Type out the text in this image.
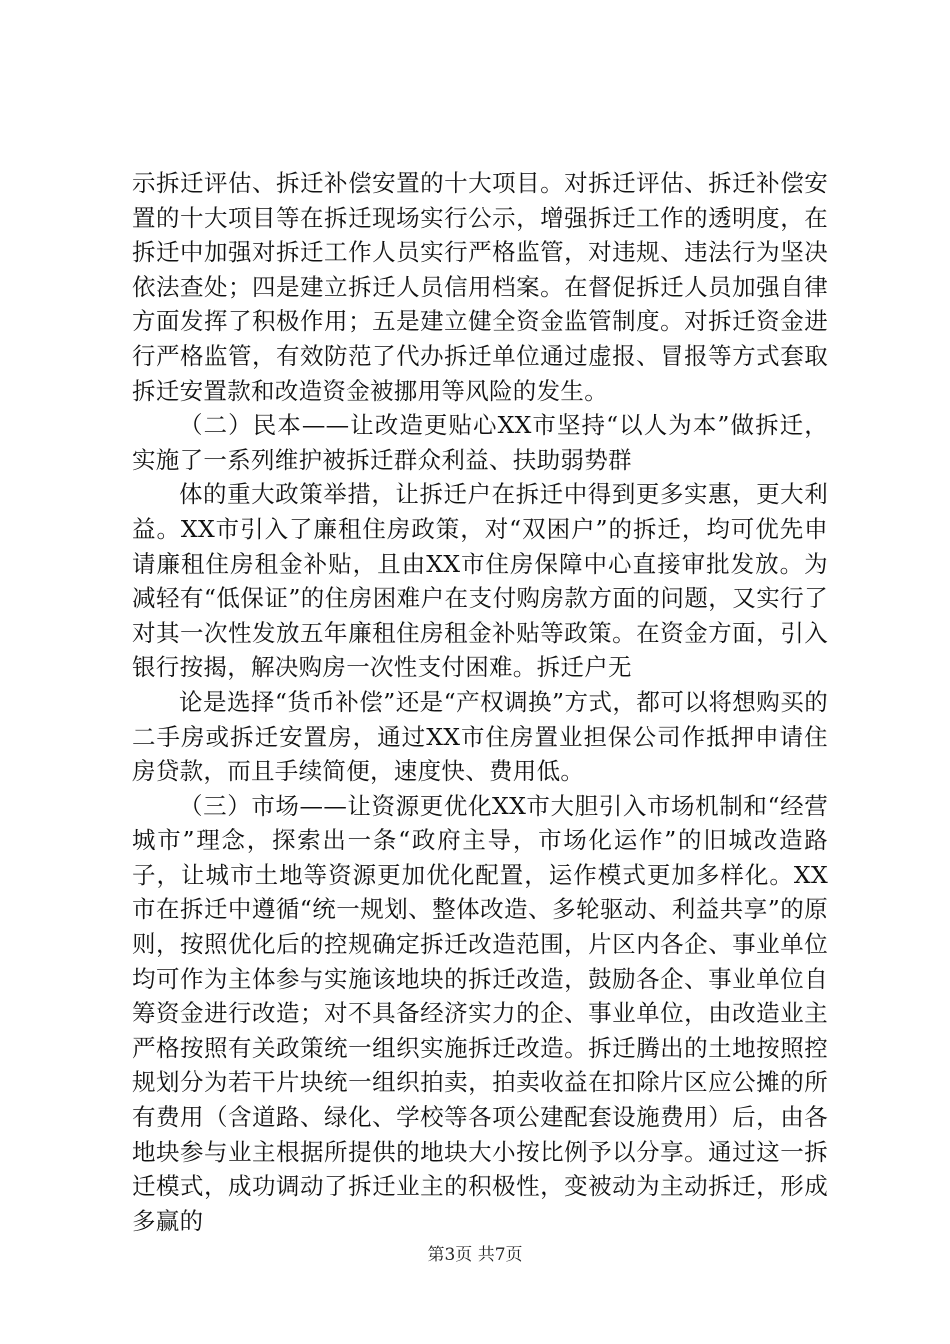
示拆迁评估、拆迁补偿安置的十大项目。对拆迁评估、拆迁补偿安置的十大项目等在拆迁现场实行公示，增强拆迁工作的透明度，在拆迁中加强对拆迁工作人员实行严格监管，对违规、违法行为坚决依法查处；四是建立拆迁人员信用档案。在督促拆迁人员加强自律方面发挥了积极作用；五是建立健全资金监管制度。对拆迁资金进行严格监管，有效防范了代办拆迁单位通过虚报、冒报等方式套取拆迁安置款和改造资金被挪用等风险的发生。

（二）民本——让改造更贴心XX市坚持“以人为本”做拆迁，实施了一系列维护被拆迁群众利益、扶助弱势群

体的重大政策举措，让拆迁户在拆迁中得到更多实惠，更大利益。XX市引入了廉租住房政策，对“双困户”的拆迁，均可优先申请廉租住房租金补贴，且由XX市住房保障中心直接审批发放。为减轻有“低保证”的住房困难户在支付购房款方面的问题，又实行了对其一次性发放五年廉租住房租金补贴等政策。在资金方面，引入银行按揭，解决购房一次性支付困难。拆迁户无

论是选择“货币补偿”还是“产权调换”方式，都可以将想购买的二手房或拆迁安置房，通过XX市住房置业担保公司作抵押申请住房贷款，而且手续简便，速度快、费用低。

（三）市场——让资源更优化XX市大胆引入市场机制和“经营城市”理念，探索出一条“政府主导，市场化运作”的旧城改造路子，让城市土地等资源更加优化配置，运作模式更加多样化。XX市在拆迁中遵循“统一规划、整体改造、多轮驱动、利益共享”的原则，按照优化后的控规确定拆迁改造范围，片区内各企、事业单位均可作为主体参与实施该地块的拆迁改造，鼓励各企、事业单位自筹资金进行改造；对不具备经济实力的企、事业单位，由改造业主严格按照有关政策统一组织实施拆迁改造。拆迁腾出的土地按照控规划分为若干片块统一组织拍卖，拍卖收益在扣除片区应公摊的所有费用（含道路、绿化、学校等各项公建配套设施费用）后，由各地块参与业主根据所提供的地块大小按比例予以分享。通过这一拆迁模式，成功调动了拆迁业主的积极性，变被动为主动拆迁，形成多赢的

第3页 共7页
